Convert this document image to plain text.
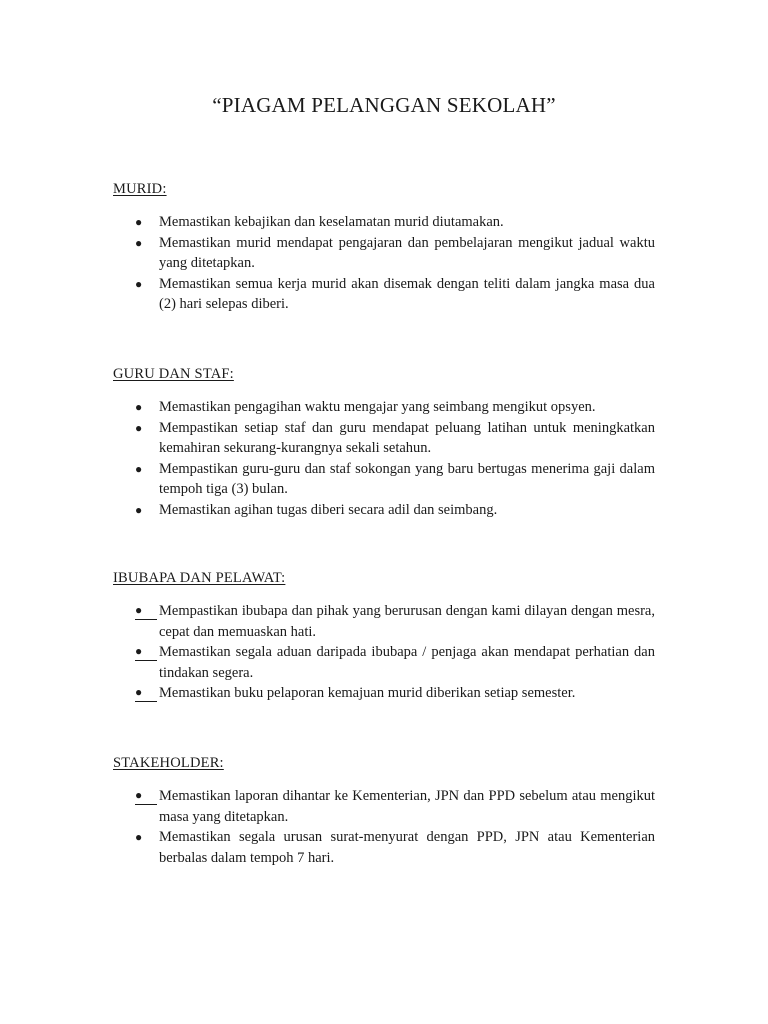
“PIAGAM PELANGGAN SEKOLAH”

MURID:

● Memastikan kebajikan dan keselamatan murid diutamakan.
● Memastikan murid mendapat pengajaran dan pembelajaran mengikut jadual waktu yang ditetapkan.
● Memastikan semua kerja murid akan disemak dengan teliti dalam jangka masa dua (2) hari selepas diberi.

GURU DAN STAF:

● Memastikan pengagihan waktu mengajar yang seimbang mengikut opsyen.
● Mempastikan setiap staf dan guru mendapat peluang latihan untuk meningkatkan kemahiran sekurang-kurangnya sekali setahun.
● Mempastikan guru-guru dan staf sokongan yang baru bertugas menerima gaji dalam tempoh tiga (3) bulan.
● Memastikan agihan tugas diberi secara adil dan seimbang.

IBUBAPA DAN PELAWAT:

●	Mempastikan ibubapa dan pihak yang berurusan dengan kami dilayan dengan mesra, cepat dan memuaskan hati.
●	Memastikan segala aduan daripada ibubapa / penjaga akan mendapat perhatian dan tindakan segera.
●	Memastikan buku pelaporan kemajuan murid diberikan setiap semester.

STAKEHOLDER:

●	Memastikan laporan dihantar ke Kementerian, JPN dan PPD sebelum atau mengikut masa yang ditetapkan.
● Memastikan segala urusan surat-menyurat dengan PPD, JPN atau Kementerian berbalas dalam tempoh 7 hari.
